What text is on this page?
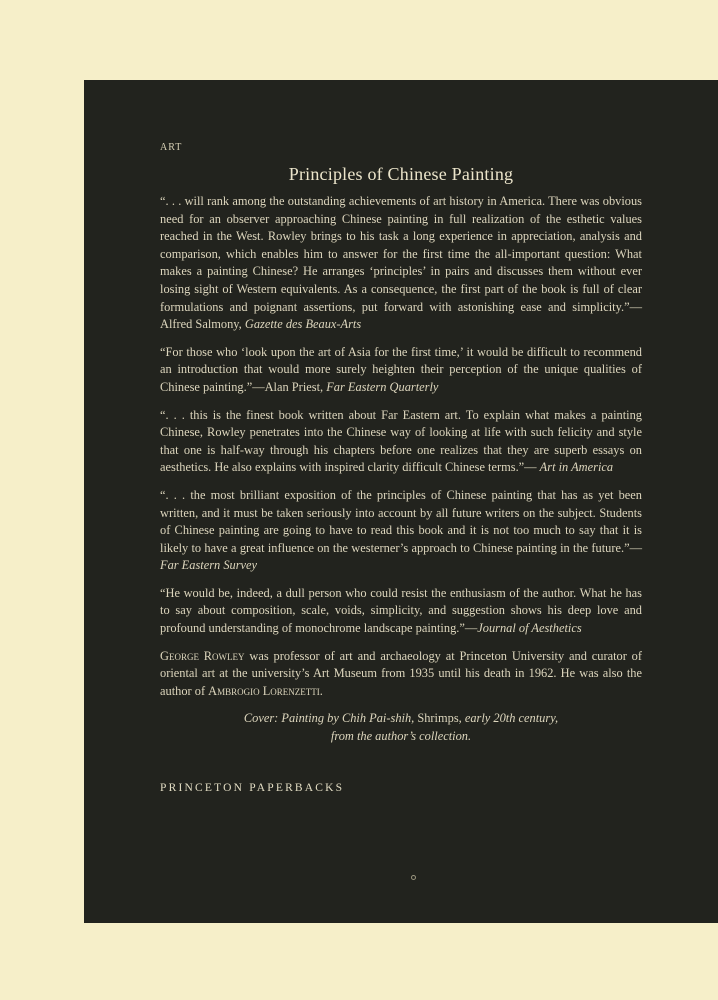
ART
Principles of Chinese Painting

“. . . will rank among the outstanding achievements of art history in America. There was obvious need for an observer approaching Chinese painting in full realization of the esthetic values reached in the West. Rowley brings to his task a long experience in appreciation, analysis and comparison, which enables him to answer for the first time the all-important question: What makes a painting Chinese? He arranges ‘principles’ in pairs and discusses them without ever losing sight of Western equivalents. As a consequence, the first part of the book is full of clear formulations and poignant assertions, put forward with astonishing ease and simplicity.”—Alfred Salmony, Gazette des Beaux-Arts

“For those who ‘look upon the art of Asia for the first time,’ it would be difficult to recommend an introduction that would more surely heighten their perception of the unique qualities of Chinese painting.”—Alan Priest, Far Eastern Quarterly

“. . . this is the finest book written about Far Eastern art. To explain what makes a painting Chinese, Rowley penetrates into the Chinese way of looking at life with such felicity and style that one is half-way through his chapters before one realizes that they are superb essays on aesthetics. He also explains with inspired clarity difficult Chinese terms.”— Art in America

“. . . the most brilliant exposition of the principles of Chinese painting that has as yet been written, and it must be taken seriously into account by all future writers on the subject. Students of Chinese painting are going to have to read this book and it is not too much to say that it is likely to have a great influence on the westerner’s approach to Chinese painting in the future.”—Far Eastern Survey

“He would be, indeed, a dull person who could resist the enthusiasm of the author. What he has to say about composition, scale, voids, simplicity, and suggestion shows his deep love and profound understanding of monochrome landscape painting.”—Journal of Aesthetics

George Rowley was professor of art and archaeology at Princeton University and curator of oriental art at the university’s Art Museum from 1935 until his death in 1962. He was also the author of Ambrogio Lorenzetti.

Cover: Painting by Chih Pai-shih, Shrimps, early 20th century,
from the author’s collection.
PRINCETON PAPERBACKS
